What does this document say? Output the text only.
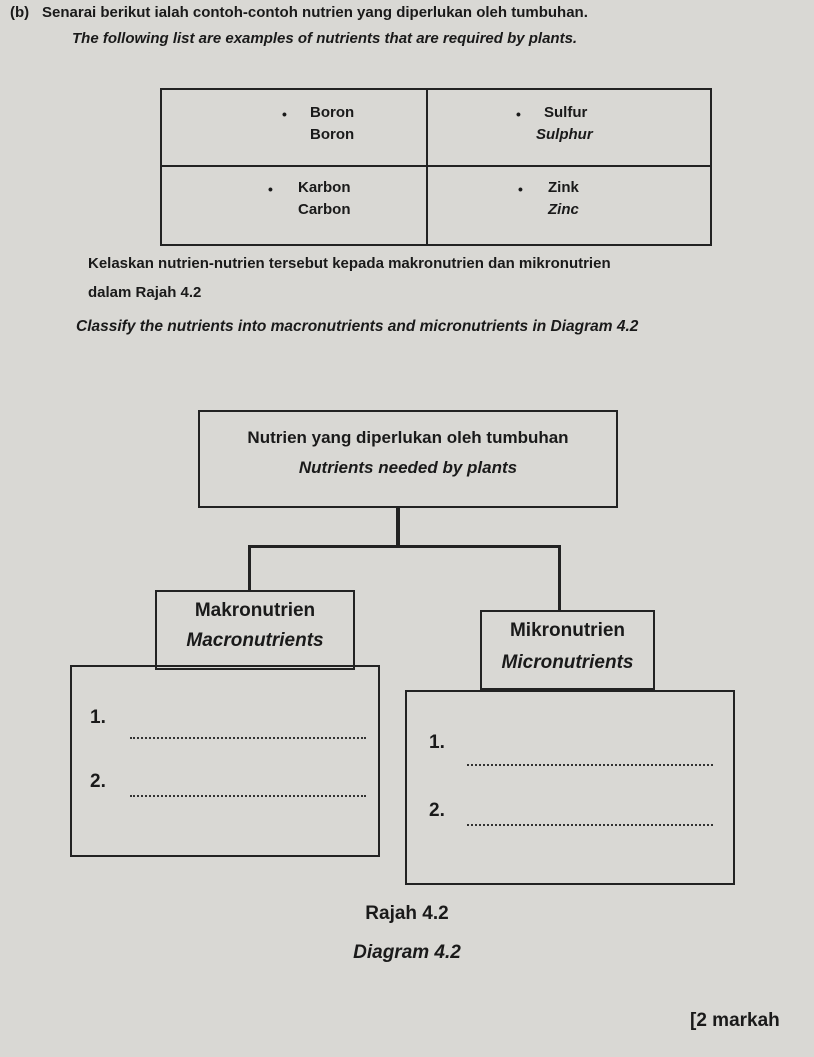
(b) Senarai berikut ialah contoh-contoh nutrien yang diperlukan oleh tumbuhan.
The following list are examples of nutrients that are required by plants.
• Boron
Boron
• Sulfur
Sulphur
• Karbon
Carbon
• Zink
Zinc
Kelaskan nutrien-nutrien tersebut kepada makronutrien dan mikronutrien
dalam Rajah 4.2
Classify the nutrients into macronutrients and micronutrients in Diagram 4.2
Nutrien yang diperlukan oleh tumbuhan
Nutrients needed by plants
Makronutrien
Macronutrients	Mikronutrien
Micronutrients
1.
2.
1.
2.
Rajah 4.2
Diagram 4.2
[2 markah
